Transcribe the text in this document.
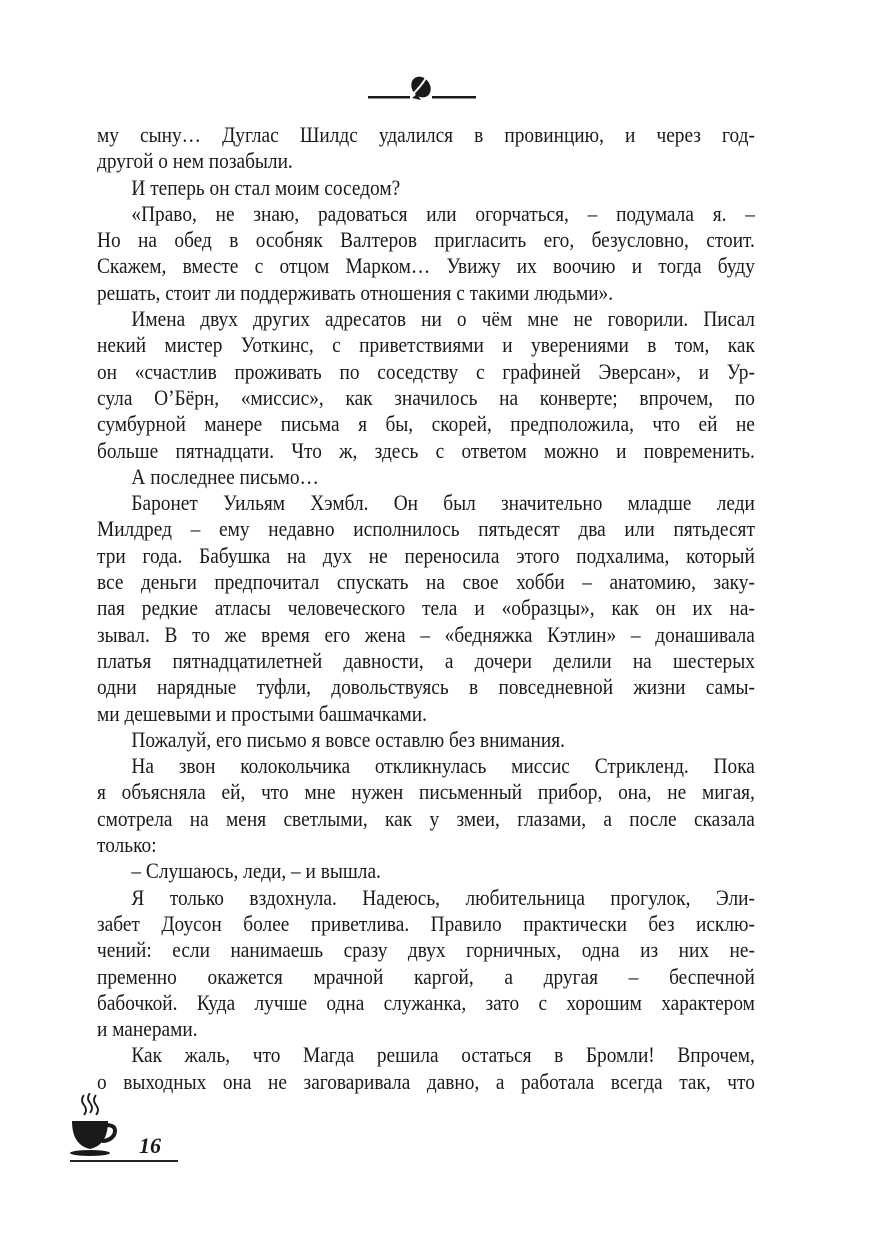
му сыну… Дуглас Шилдс удалился в провинцию, и через год-
другой о нем позабыли.
И теперь он стал моим соседом?
«Право, не знаю, радоваться или огорчаться, – подумала я. –
Но на обед в особняк Валтеров пригласить его, безусловно, стоит.
Скажем, вместе с отцом Марком… Увижу их воочию и тогда буду
решать, стоит ли поддерживать отношения с такими людьми».
Имена двух других адресатов ни о чём мне не говорили. Писал
некий мистер Уоткинс, с приветствиями и уверениями в том, как
он «счастлив проживать по соседству с графиней Эверсан», и Ур-
сула О’Бёрн, «миссис», как значилось на конверте; впрочем, по
сумбурной манере письма я бы, скорей, предположила, что ей не
больше пятнадцати. Что ж, здесь с ответом можно и повременить.
А последнее письмо…
Баронет Уильям Хэмбл. Он был значительно младше леди
Милдред – ему недавно исполнилось пятьдесят два или пятьдесят
три года. Бабушка на дух не переносила этого подхалима, который
все деньги предпочитал спускать на свое хобби – анатомию, заку-
пая редкие атласы человеческого тела и «образцы», как он их на-
зывал. В то же время его жена – «бедняжка Кэтлин» – донашивала
платья пятнадцатилетней давности, а дочери делили на шестерых
одни нарядные туфли, довольствуясь в повседневной жизни самы-
ми дешевыми и простыми башмачками.
Пожалуй, его письмо я вовсе оставлю без внимания.
На звон колокольчика откликнулась миссис Стрикленд. Пока
я объясняла ей, что мне нужен письменный прибор, она, не мигая,
смотрела на меня светлыми, как у змеи, глазами, а после сказала
только:
– Слушаюсь, леди, – и вышла.
Я только вздохнула. Надеюсь, любительница прогулок, Эли-
забет Доусон более приветлива. Правило практически без исклю-
чений: если нанимаешь сразу двух горничных, одна из них не-
пременно окажется мрачной каргой, а другая – беспечной
бабочкой. Куда лучше одна служанка, зато с хорошим характером
и манерами.
Как жаль, что Магда решила остаться в Бромли! Впрочем,
о выходных она не заговаривала давно, а работала всегда так, что
16
